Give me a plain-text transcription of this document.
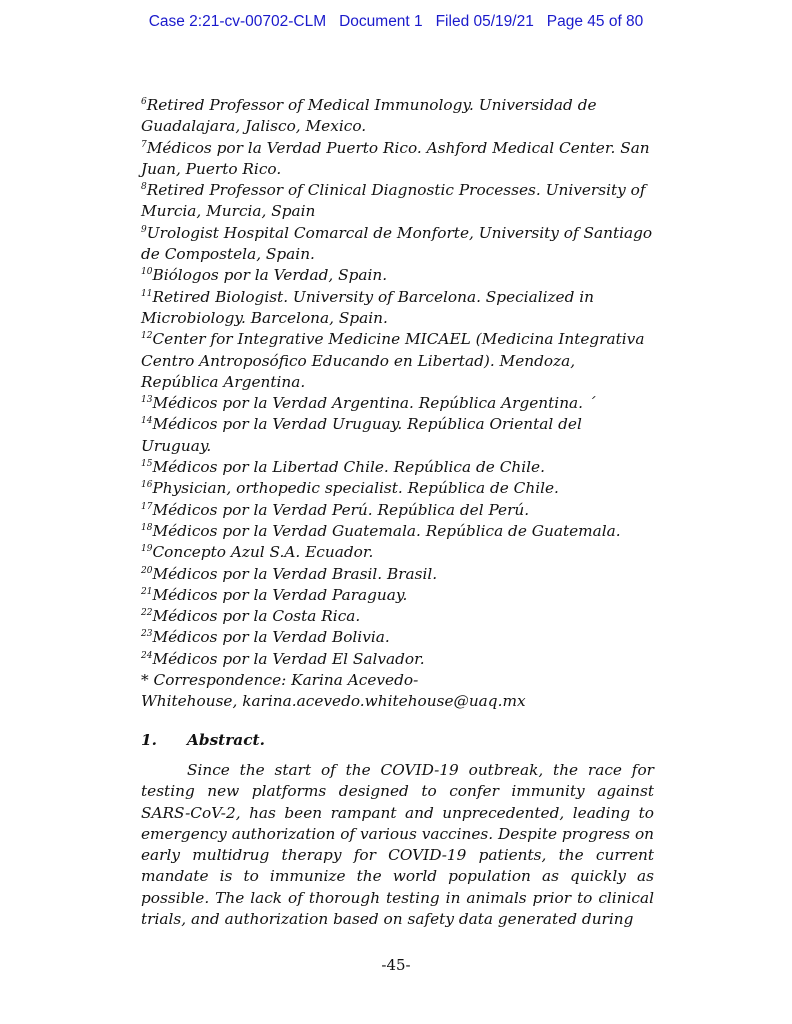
Case 2:21-cv-00702-CLM Document 1 Filed 05/19/21 Page 45 of 80

$^6$Retired Professor of Medical Immunology. Universidad de

Guadalajara, Jalisco, Mexico.

$^7$Médicos por la Verdad Puerto Rico. Ashford Medical Center. San

Juan, Puerto Rico.

$^8$Retired Professor of Clinical Diagnostic Processes. University of

Murcia, Murcia, Spain

$^9$Urologist Hospital Comarcal de Monforte, University of Santiago

de Compostela, Spain.

$^{10}$Biólogos por la Verdad, Spain.

$^{11}$Retired Biologist. University of Barcelona. Specialized in

Microbiology. Barcelona, Spain.

$^{12}$Center for Integrative Medicine MICAEL (Medicina Integrativa

Centro Antroposófico Educando en Libertad). Mendoza,

República Argentina.

$^{13}$Médicos por la Verdad Argentina. República Argentina. ´

$^{14}$Médicos por la Verdad Uruguay. República Oriental del

Uruguay.

$^{15}$Médicos por la Libertad Chile. República de Chile.

$^{16}$Physician, orthopedic specialist. República de Chile.

$^{17}$Médicos por la Verdad Perú. República del Perú.

$^{18}$Médicos por la Verdad Guatemala. República de Guatemala.

$^{19}$Concepto Azul S.A. Ecuador.

$^{20}$Médicos por la Verdad Brasil. Brasil.

$^{21}$Médicos por la Verdad Paraguay.

$^{22}$Médicos por la Costa Rica.

$^{23}$Médicos por la Verdad Bolivia.

$^{24}$Médicos por la Verdad El Salvador.

* Correspondence: Karina Acevedo-

Whitehouse, karina.acevedo.whitehouse@uaq.mx

1. Abstract.

Since the start of the COVID-19 outbreak, the race for testing new platforms designed to confer immunity against SARS-CoV-2, has been rampant and unprecedented, leading to emergency authorization of various vaccines. Despite progress on early multidrug therapy for COVID-19 patients, the current mandate is to immunize the world population as quickly as possible. The lack of thorough testing in animals prior to clinical trials, and authorization based on safety data generated during

-45-
